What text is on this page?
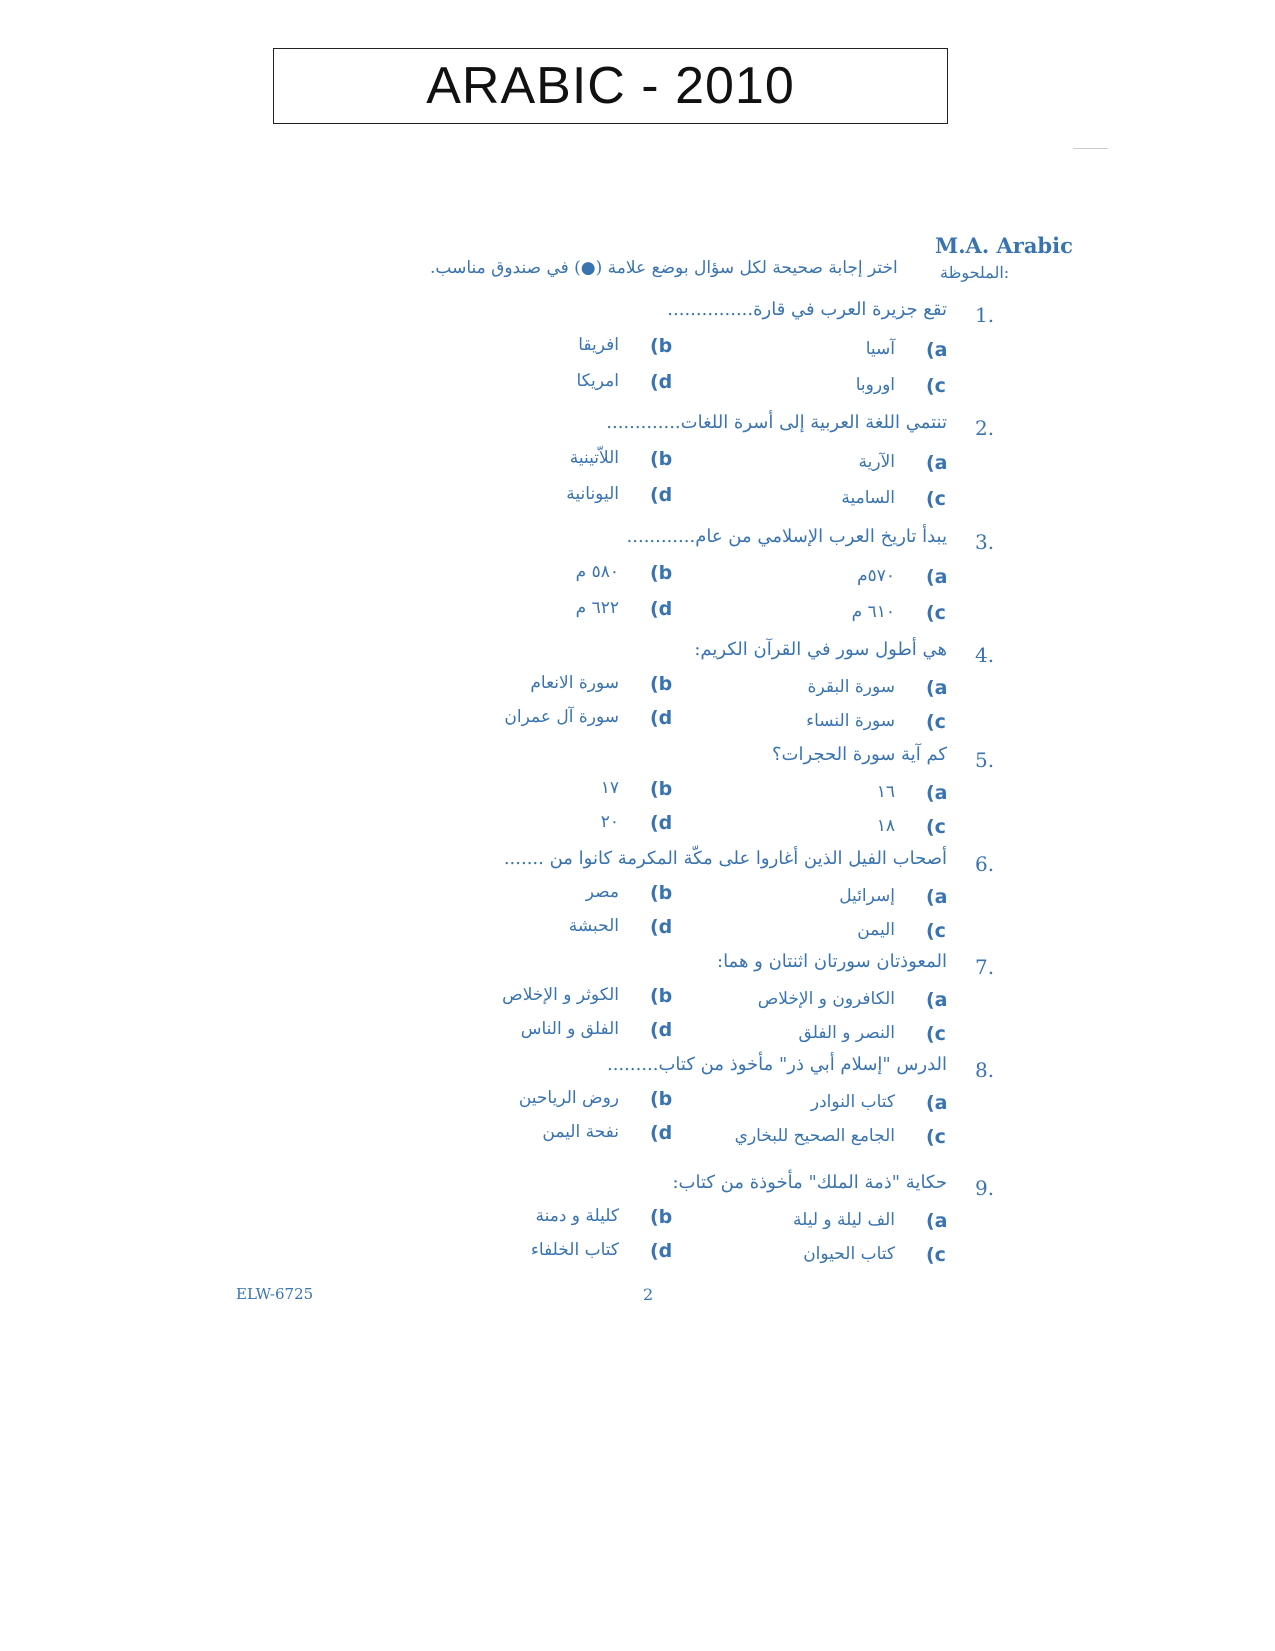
ARABIC - 2010
M.A. Arabic
الملحوظة:
اختر إجابة صحيحة لكل سؤال بوضع علامة (●) في صندوق مناسب.
1.
تقع جزيرة العرب في قارة...............
(a
آسيا
(b
افريقا
(c
اوروبا
(d
امريكا
2.
تنتمي اللغة العربية إلى أسرة اللغات.............
(a
الآرية
(b
اللاّتينية
(c
السامية
(d
اليونانية
3.
يبدأ تاريخ العرب الإسلامي من عام............
(a
٥٧٠م
(b
٥٨٠ م
(c
٦١٠ م
(d
٦٢٢ م
4.
هي أطول سور في القرآن الكريم:
(a
سورة البقرة
(b
سورة الانعام
(c
سورة النساء
(d
سورة آل عمران
5.
كم آية سورة الحجرات؟
(a
١٦
(b
١٧
(c
١٨
(d
٢٠
6.
أصحاب الفيل الذين أغاروا على مكّة المكرمة كانوا من .......
(a
إسرائيل
(b
مصر
(c
اليمن
(d
الحبشة
7.
المعوذتان سورتان اثنتان و هما:
(a
الكافرون و الإخلاص
(b
الكوثر و الإخلاص
(c
النصر و الفلق
(d
الفلق و الناس
8.
الدرس "إسلام أبي ذر" مأخوذ من كتاب.........
(a
كتاب النوادر
(b
روض الرياحين
(c
الجامع الصحيح للبخاري
(d
نفحة اليمن
9.
حكاية "ذمة الملك" مأخوذة من كتاب:
(a
الف ليلة و ليلة
(b
كليلة و دمنة
(c
كتاب الحيوان
(d
كتاب الخلفاء
ELW-6725	2
